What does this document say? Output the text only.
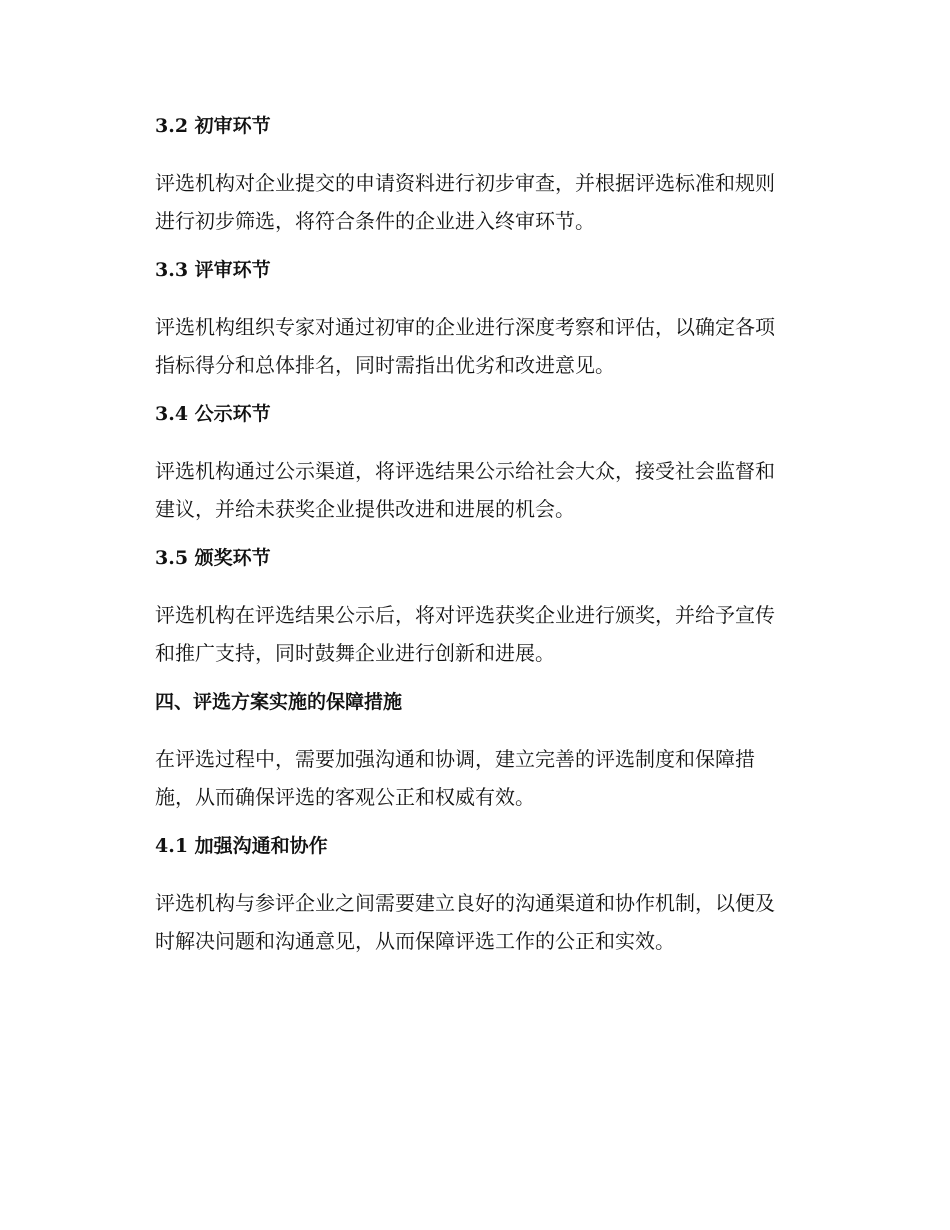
3.2 初审环节

评选机构对企业提交的申请资料进行初步审查，并根据评选标准和规则
进行初步筛选，将符合条件的企业进入终审环节。

3.3 评审环节

评选机构组织专家对通过初审的企业进行深度考察和评估，以确定各项
指标得分和总体排名，同时需指出优劣和改进意见。

3.4 公示环节

评选机构通过公示渠道，将评选结果公示给社会大众，接受社会监督和
建议，并给未获奖企业提供改进和进展的机会。

3.5 颁奖环节

评选机构在评选结果公示后，将对评选获奖企业进行颁奖，并给予宣传
和推广支持，同时鼓舞企业进行创新和进展。

四、评选方案实施的保障措施

在评选过程中，需要加强沟通和协调，建立完善的评选制度和保障措
施，从而确保评选的客观公正和权威有效。

4.1 加强沟通和协作

评选机构与参评企业之间需要建立良好的沟通渠道和协作机制，以便及
时解决问题和沟通意见，从而保障评选工作的公正和实效。
